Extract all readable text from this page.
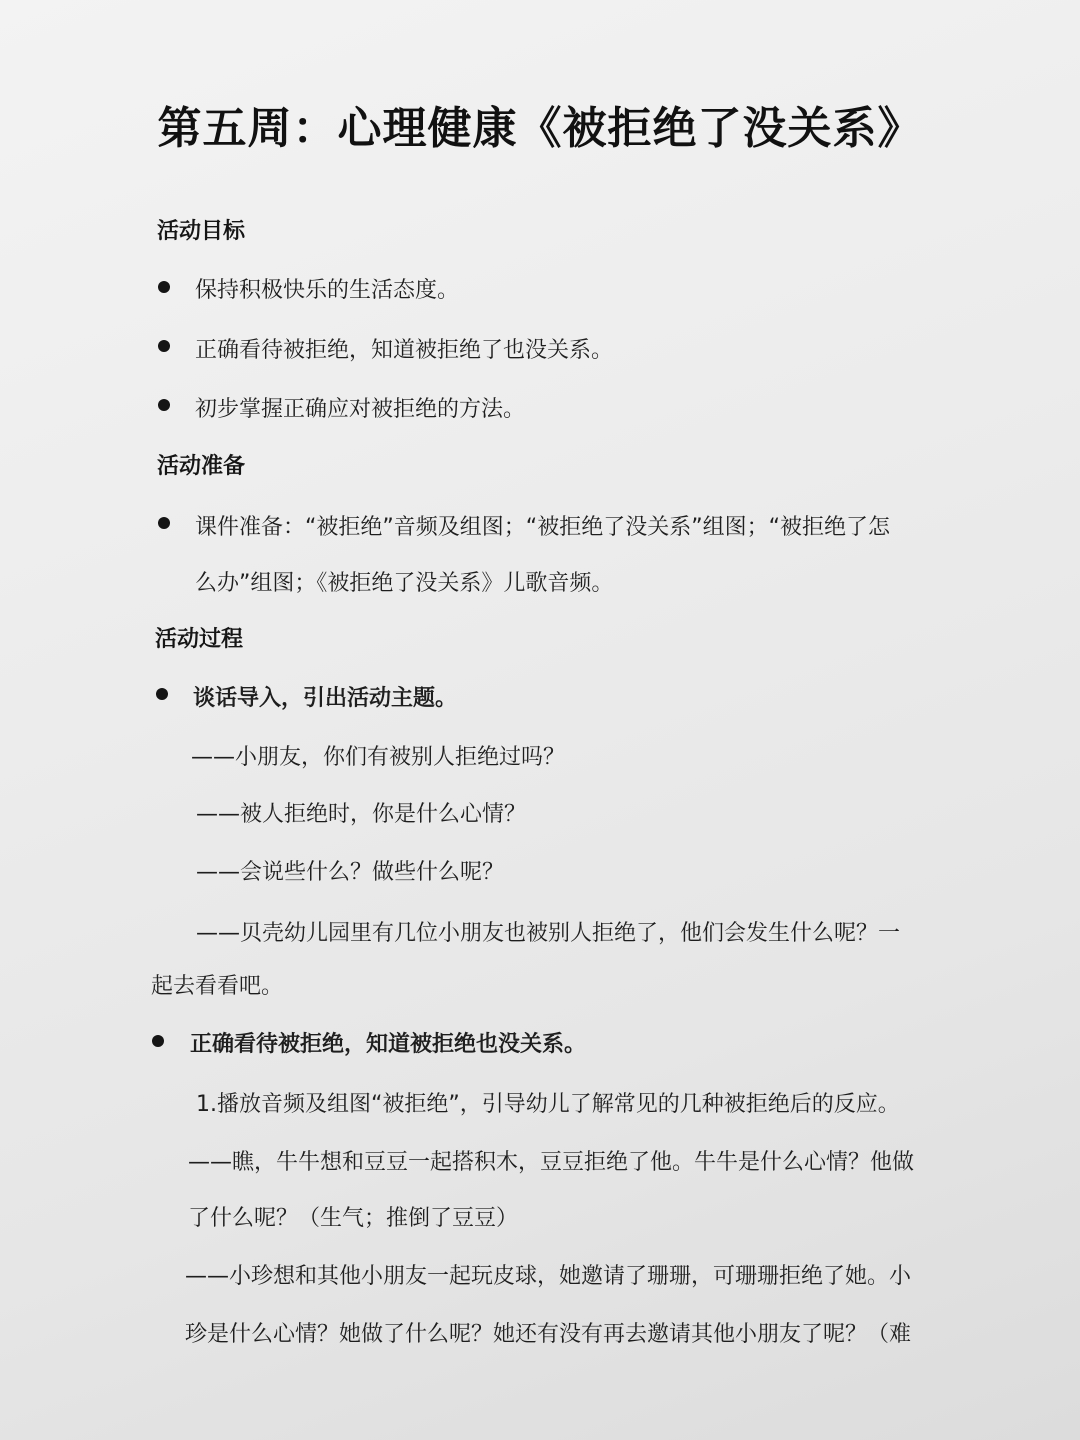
第五周：心理健康《被拒绝了没关系》
活动目标
保持积极快乐的生活态度。
正确看待被拒绝，知道被拒绝了也没关系。
初步掌握正确应对被拒绝的方法。
活动准备
课件准备：“被拒绝”音频及组图；“被拒绝了没关系”组图；“被拒绝了怎
么办”组图；《被拒绝了没关系》儿歌音频。
活动过程
谈话导入，引出活动主题。
——小朋友，你们有被别人拒绝过吗？
——被人拒绝时，你是什么心情？
——会说些什么？做些什么呢？
——贝壳幼儿园里有几位小朋友也被别人拒绝了，他们会发生什么呢？一
起去看看吧。
正确看待被拒绝，知道被拒绝也没关系。
1.播放音频及组图“被拒绝”，引导幼儿了解常见的几种被拒绝后的反应。
——瞧，牛牛想和豆豆一起搭积木，豆豆拒绝了他。牛牛是什么心情？他做
了什么呢？（生气；推倒了豆豆）
——小珍想和其他小朋友一起玩皮球，她邀请了珊珊，可珊珊拒绝了她。小
珍是什么心情？她做了什么呢？她还有没有再去邀请其他小朋友了呢？（难
